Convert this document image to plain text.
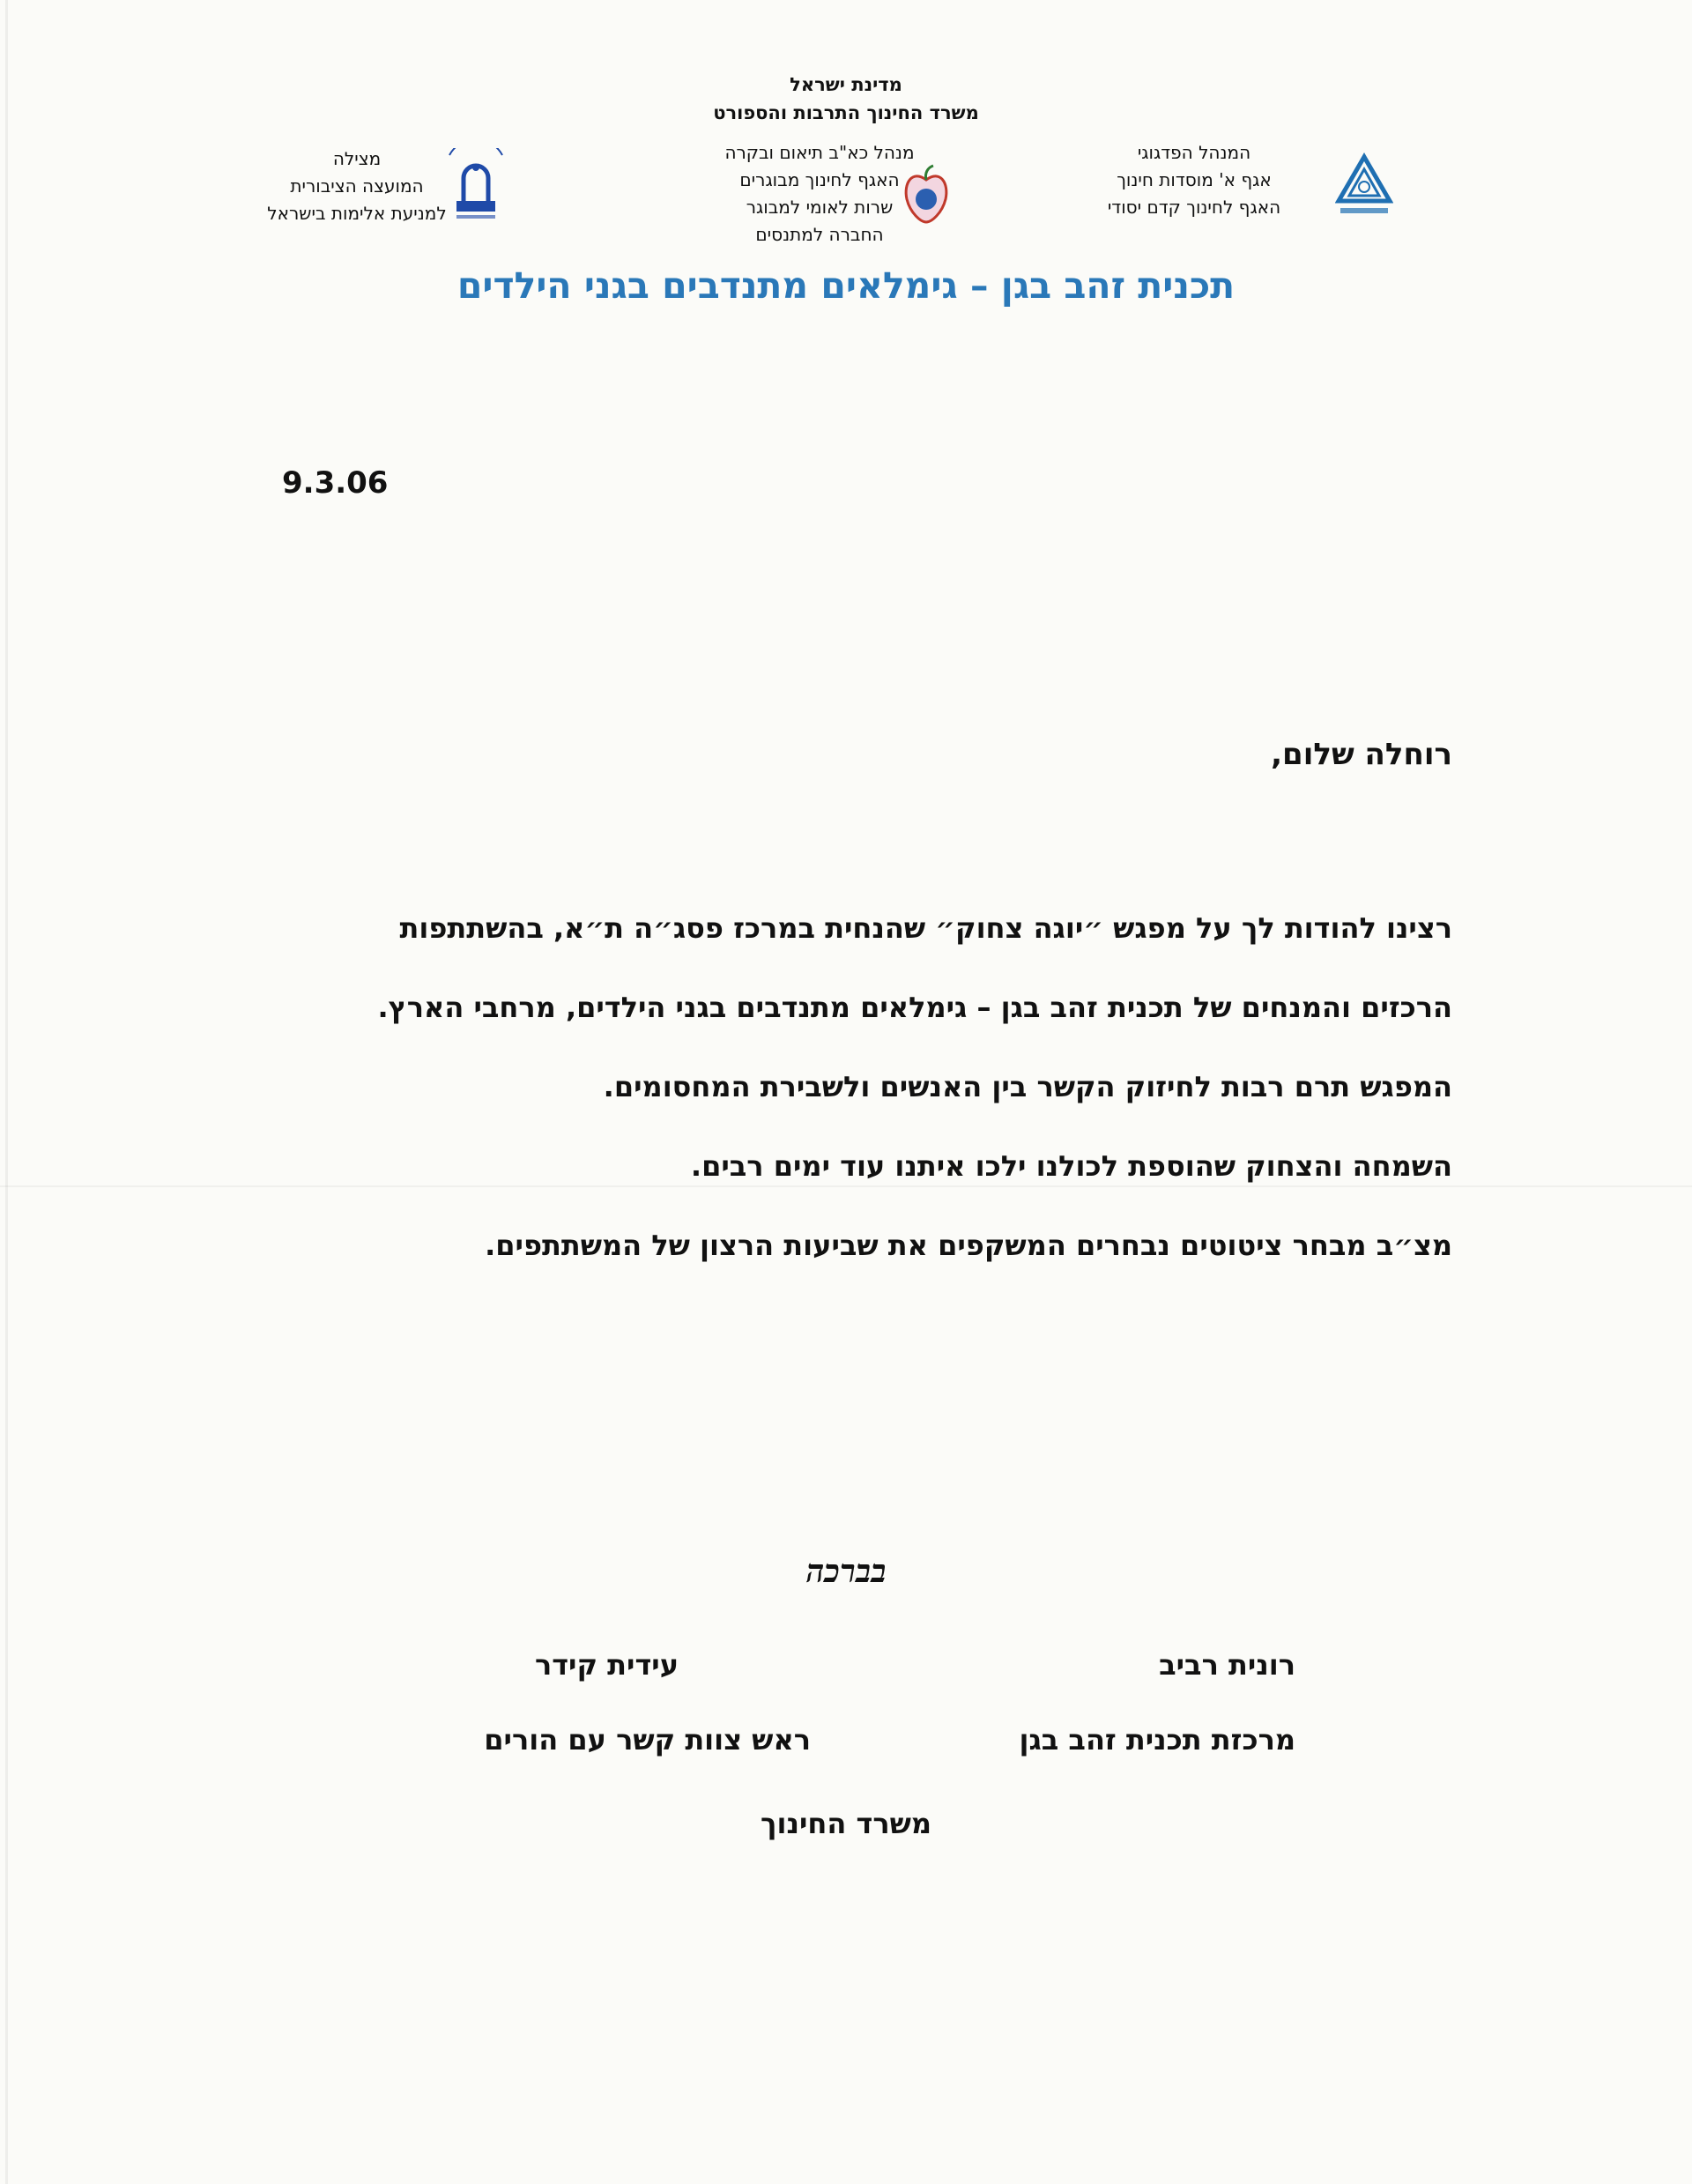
מדינת ישראל
משרד החינוך התרבות והספורט
המנהל הפדגוגי
אגף א' מוסדות חינוך
האגף לחינוך קדם יסודי
מנהל כא"ב תיאום ובקרה
האגף לחינוך מבוגרים
שרות לאומי למבוגר
החברה למתנסים
מצילה
המועצה הציבורית
למניעת אלימות בישראל
תכנית זהב בגן – גימלאים מתנדבים בגני הילדים
9.3.06
רוחלה שלום,
רצינו להודות לך על מפגש ״יוגה צחוק״ שהנחית במרכז פסג״ה ת״א, בהשתתפות
הרכזים והמנחים של תכנית זהב בגן – גימלאים מתנדבים בגני הילדים, מרחבי הארץ.
המפגש תרם רבות לחיזוק הקשר בין האנשים ולשבירת המחסומים.
השמחה והצחוק שהוספת לכולנו ילכו איתנו עוד ימים רבים.
מצ״ב מבחר ציטוטים נבחרים המשקפים את שביעות הרצון של המשתתפים.
בברכה
רונית רביב
מרכזת תכנית זהב בגן
עידית קידר
ראש צוות קשר עם הורים
משרד החינוך
